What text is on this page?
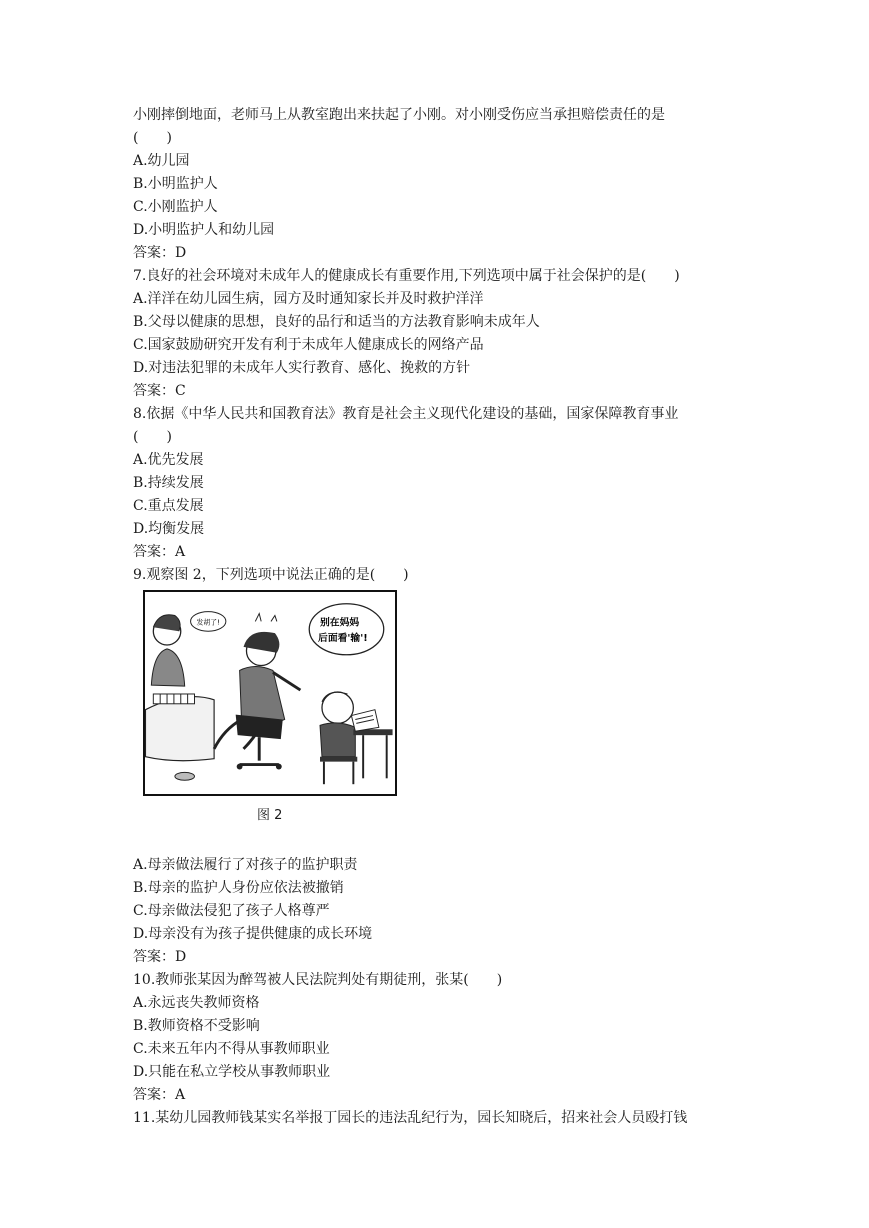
小刚摔倒地面，老师马上从教室跑出来扶起了小刚。对小刚受伤应当承担赔偿责任的是
(　　)
A.幼儿园
B.小明监护人
C.小刚监护人
D.小明监护人和幼儿园
答案：D
7.良好的社会环境对未成年人的健康成长有重要作用,下列选项中属于社会保护的是(　　)
A.洋洋在幼儿园生病，园方及时通知家长并及时救护洋洋
B.父母以健康的思想，良好的品行和适当的方法教育影响未成年人
C.国家鼓励研究开发有利于未成年人健康成长的网络产品
D.对违法犯罪的未成年人实行教育、感化、挽救的方针
答案：C
8.依据《中华人民共和国教育法》教育是社会主义现代化建设的基础，国家保障教育事业
(　　)
A.优先发展
B.持续发展
C.重点发展
D.均衡发展
答案：A
9.观察图 2，下列选项中说法正确的是(　　)
发胡了!	别在妈妈
后面看'输'!
图 2
A.母亲做法履行了对孩子的监护职责
B.母亲的监护人身份应依法被撤销
C.母亲做法侵犯了孩子人格尊严
D.母亲没有为孩子提供健康的成长环境
答案：D
10.教师张某因为醉驾被人民法院判处有期徒刑，张某(　　)
A.永远丧失教师资格
B.教师资格不受影响
C.未来五年内不得从事教师职业
D.只能在私立学校从事教师职业
答案：A
11.某幼儿园教师钱某实名举报丁园长的违法乱纪行为，园长知晓后，招来社会人员殴打钱
